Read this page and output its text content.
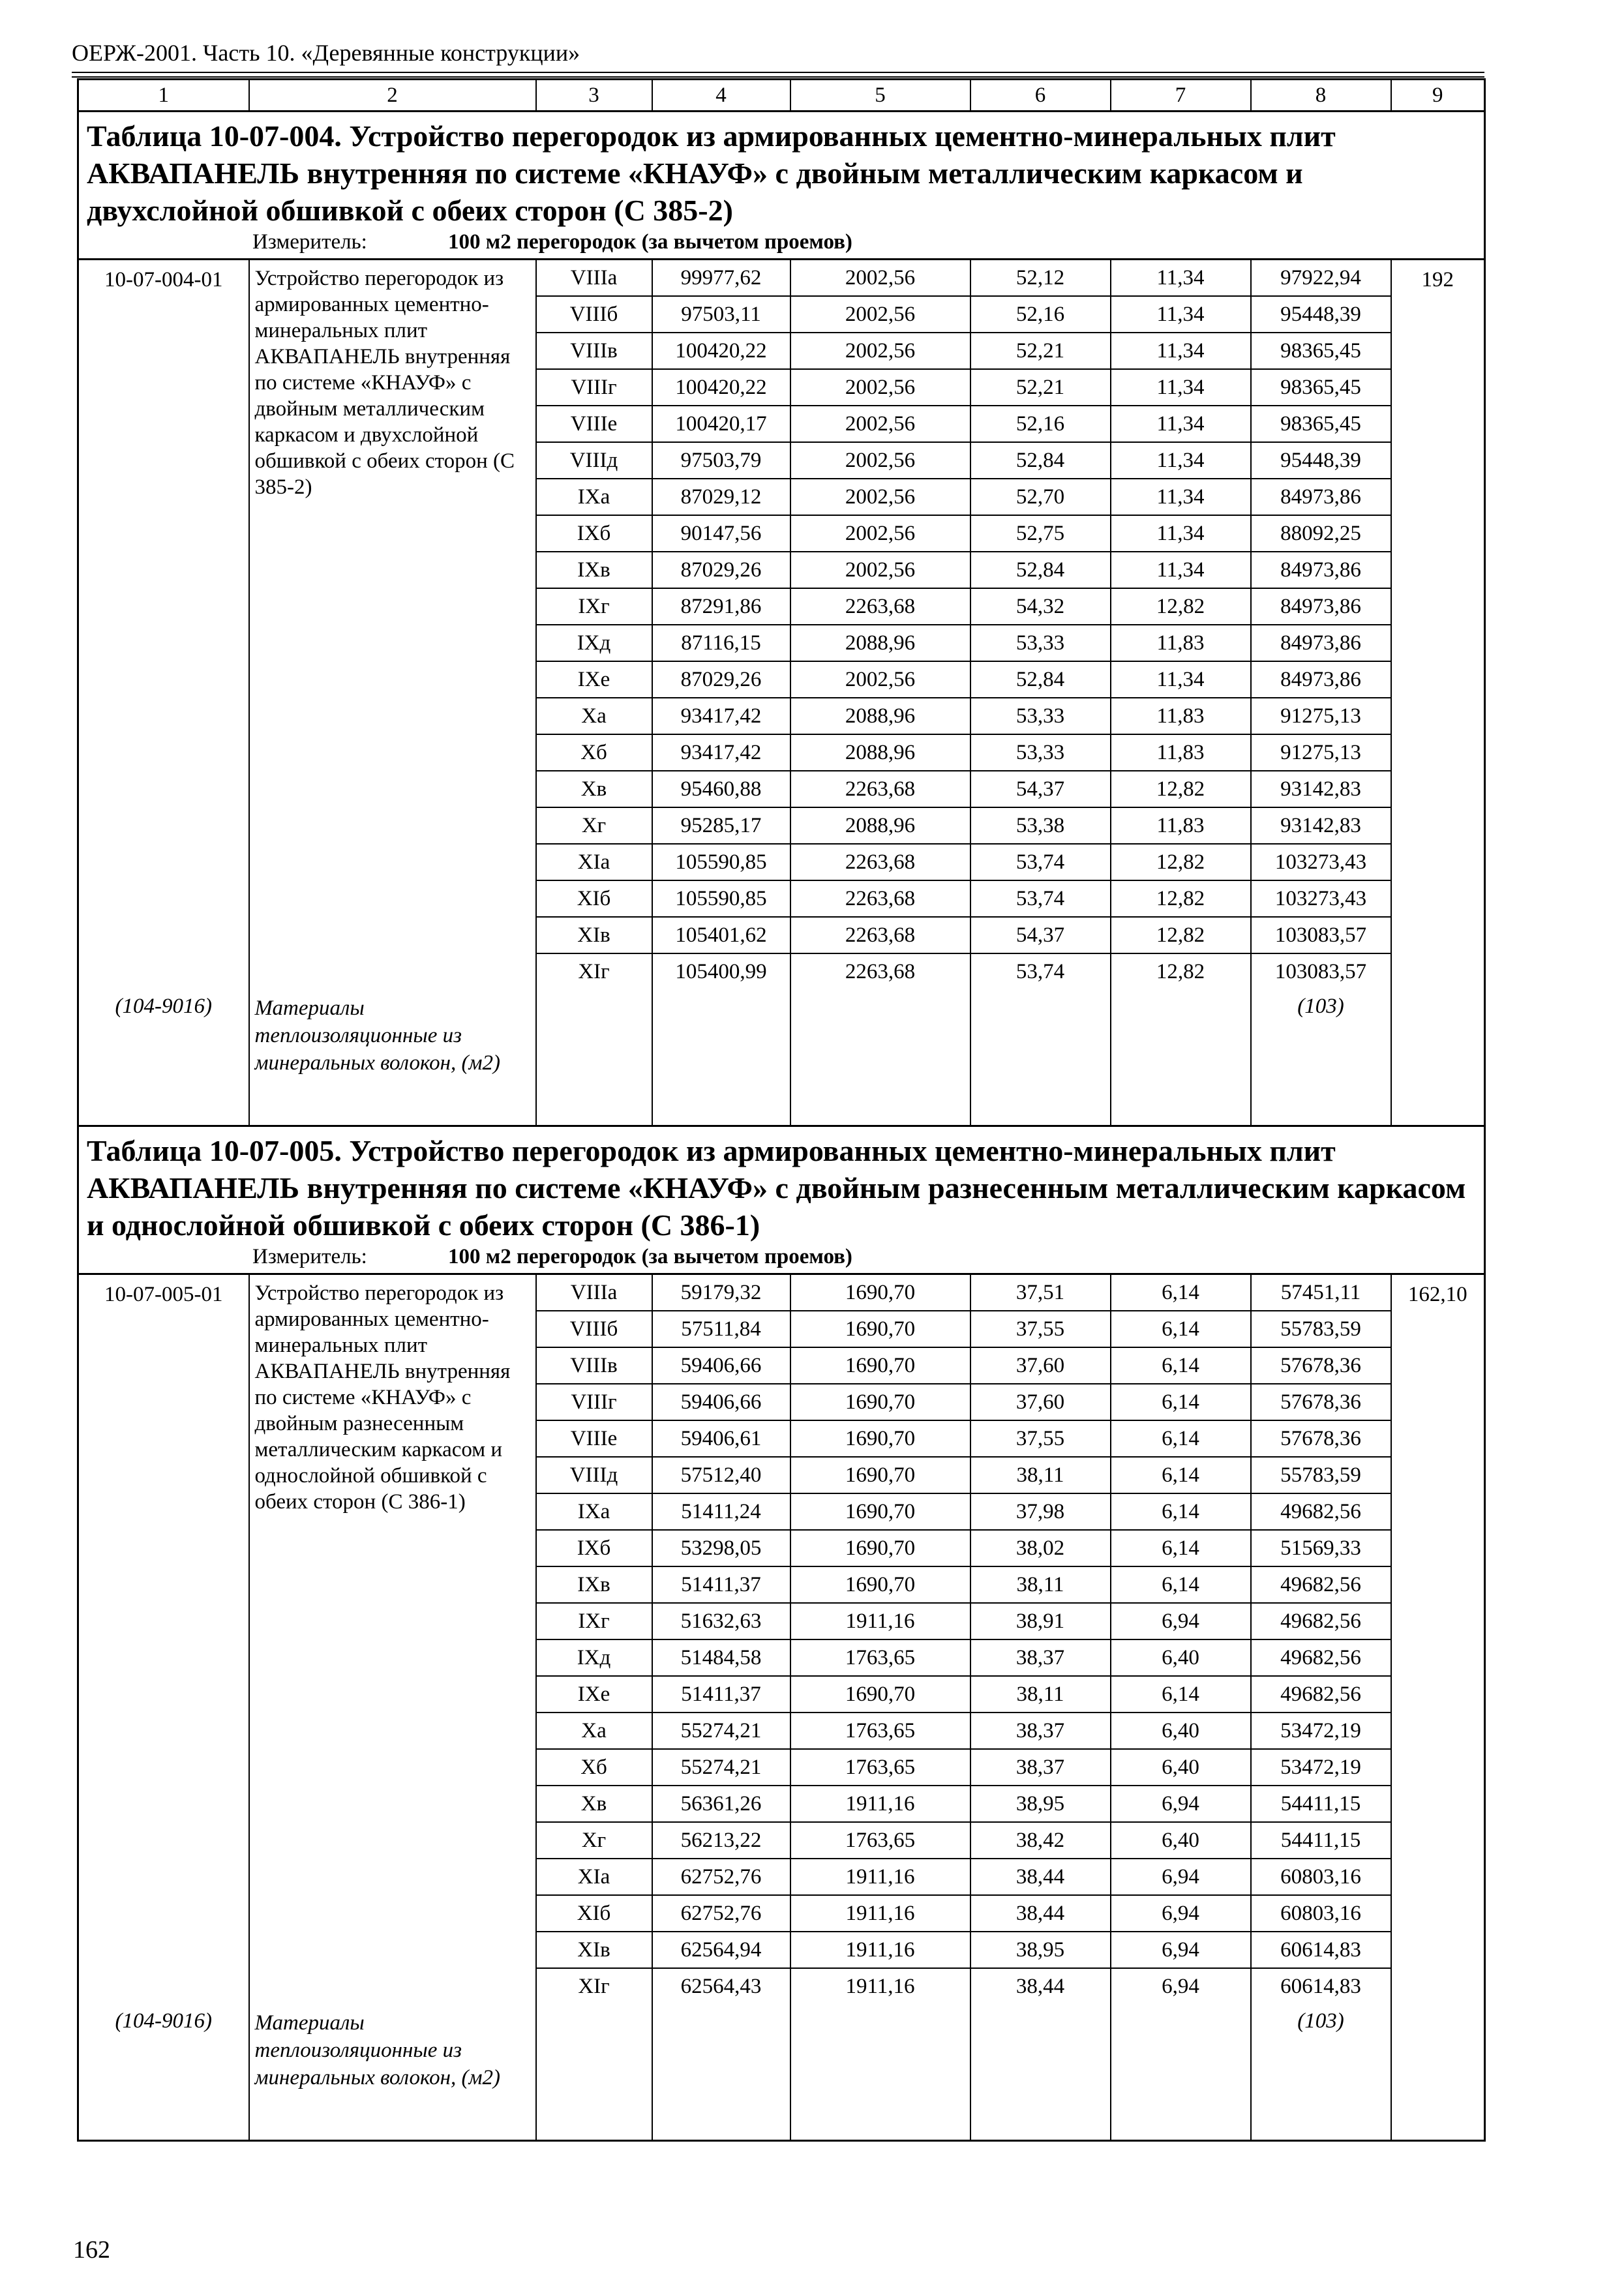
ОЕРЖ-2001. Часть 10. «Деревянные конструкции»
1	2	3	4	5	6	7	8	9

Таблица 10-07-004. Устройство перегородок из армированных цементно-минеральных плит АКВАПАНЕЛЬ внутренняя по системе «КНАУФ» с двойным металлическим каркасом и двухслойной обшивкой с обеих сторон (С 385-2)
Измеритель: 100 м2 перегородок (за вычетом проемов)								

10-07-004-01	Устройство перегородок из армированных цементно-минеральных плит АКВАПАНЕЛЬ внутренняя по системе «КНАУФ» с двойным металлическим каркасом и двухслойной обшивкой с обеих сторон (С 385-2)	VIIIа	99977,62	2002,56	52,12	11,34	97922,94	192
		VIIIб	97503,11	2002,56	52,16	11,34	95448,39	
		VIIIв	100420,22	2002,56	52,21	11,34	98365,45	
		VIIIг	100420,22	2002,56	52,21	11,34	98365,45	
		VIIIе	100420,17	2002,56	52,16	11,34	98365,45	
		VIIIд	97503,79	2002,56	52,84	11,34	95448,39	
		IXа	87029,12	2002,56	52,70	11,34	84973,86	
		IXб	90147,56	2002,56	52,75	11,34	88092,25	
		IXв	87029,26	2002,56	52,84	11,34	84973,86	
		IXг	87291,86	2263,68	54,32	12,82	84973,86	
		IXд	87116,15	2088,96	53,33	11,83	84973,86	
		IXе	87029,26	2002,56	52,84	11,34	84973,86	
		Xа	93417,42	2088,96	53,33	11,83	91275,13	
		Xб	93417,42	2088,96	53,33	11,83	91275,13	
		Xв	95460,88	2263,68	54,37	12,82	93142,83	
		Xг	95285,17	2088,96	53,38	11,83	93142,83	
		XIа	105590,85	2263,68	53,74	12,82	103273,43	
		XIб	105590,85	2263,68	53,74	12,82	103273,43	
		XIв	105401,62	2263,68	54,37	12,82	103083,57	
		XIг	105400,99	2263,68	53,74	12,82	103083,57	
(104-9016)	Материалы теплоизоляционные из минеральных волокон, (м2)						(103)	

Таблица 10-07-005. Устройство перегородок из армированных цементно-минеральных плит АКВАПАНЕЛЬ внутренняя по системе «КНАУФ» с двойным разнесенным металлическим каркасом и однослойной обшивкой с обеих сторон (С 386-1)
Измеритель: 100 м2 перегородок (за вычетом проемов)								

10-07-005-01	Устройство перегородок из армированных цементно-минеральных плит АКВАПАНЕЛЬ внутренняя по системе «КНАУФ» с двойным разнесенным металлическим каркасом и однослойной обшивкой с обеих сторон (С 386-1)	VIIIа	59179,32	1690,70	37,51	6,14	57451,11	162,10
		VIIIб	57511,84	1690,70	37,55	6,14	55783,59	
		VIIIв	59406,66	1690,70	37,60	6,14	57678,36	
		VIIIг	59406,66	1690,70	37,60	6,14	57678,36	
		VIIIе	59406,61	1690,70	37,55	6,14	57678,36	
		VIIIд	57512,40	1690,70	38,11	6,14	55783,59	
		IXа	51411,24	1690,70	37,98	6,14	49682,56	
		IXб	53298,05	1690,70	38,02	6,14	51569,33	
		IXв	51411,37	1690,70	38,11	6,14	49682,56	
		IXг	51632,63	1911,16	38,91	6,94	49682,56	
		IXд	51484,58	1763,65	38,37	6,40	49682,56	
		IXе	51411,37	1690,70	38,11	6,14	49682,56	
		Xа	55274,21	1763,65	38,37	6,40	53472,19	
		Xб	55274,21	1763,65	38,37	6,40	53472,19	
		Xв	56361,26	1911,16	38,95	6,94	54411,15	
		Xг	56213,22	1763,65	38,42	6,40	54411,15	
		XIа	62752,76	1911,16	38,44	6,94	60803,16	
		XIб	62752,76	1911,16	38,44	6,94	60803,16	
		XIв	62564,94	1911,16	38,95	6,94	60614,83	
		XIг	62564,43	1911,16	38,44	6,94	60614,83	
(104-9016)	Материалы теплоизоляционные из минеральных волокон, (м2)						(103)	
162
